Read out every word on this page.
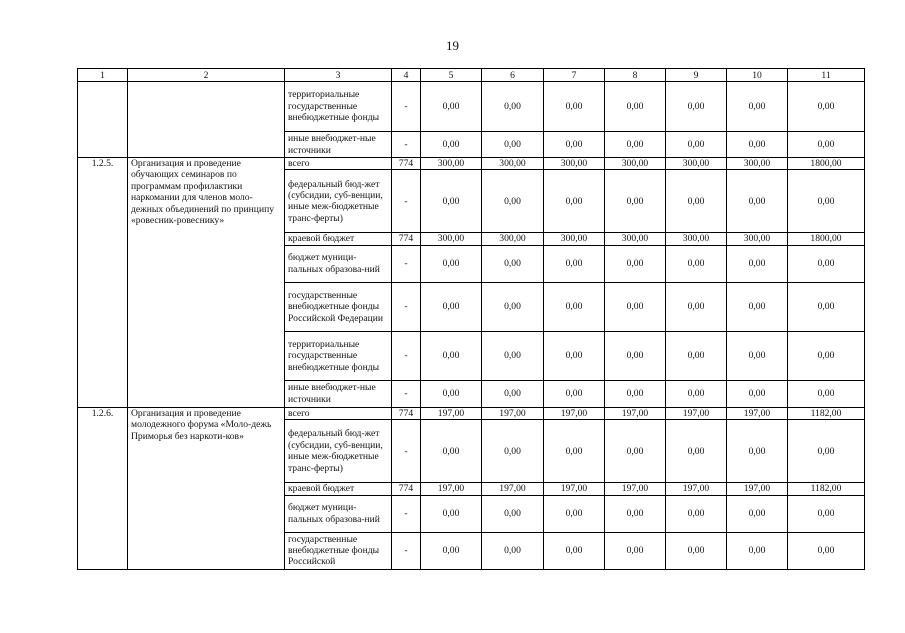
19
1	2	3	4	5	6	7	8	9	10	11
		территориальные государственные внебюджетные фонды	-	0,00	0,00	0,00	0,00	0,00	0,00	0,00
		иные внебюджет-ные источники	-	0,00	0,00	0,00	0,00	0,00	0,00	0,00
1.2.5.	Организация и проведение обучающих семинаров по программам профилактики наркомании для членов моло-дежных объединений по принципу «ровесник-ровеснику»	всего	774	300,00	300,00	300,00	300,00	300,00	300,00	1800,00
		федеральный бюд-жет (субсидии, суб-венции, иные меж-бюджетные транс-ферты)	-	0,00	0,00	0,00	0,00	0,00	0,00	0,00
		краевой бюджет	774	300,00	300,00	300,00	300,00	300,00	300,00	1800,00
		бюджет муници-пальных образова-ний	-	0,00	0,00	0,00	0,00	0,00	0,00	0,00
		государственные внебюджетные фонды Российской Федерации	-	0,00	0,00	0,00	0,00	0,00	0,00	0,00
		территориальные государственные внебюджетные фонды	-	0,00	0,00	0,00	0,00	0,00	0,00	0,00
		иные внебюджет-ные источники	-	0,00	0,00	0,00	0,00	0,00	0,00	0,00
1.2.6.	Организация и проведение молодежного форума «Моло-дежь Приморья без наркоти-ков»	всего	774	197,00	197,00	197,00	197,00	197,00	197,00	1182,00
		федеральный бюд-жет (субсидии, суб-венции, иные меж-бюджетные транс-ферты)	-	0,00	0,00	0,00	0,00	0,00	0,00	0,00
		краевой бюджет	774	197,00	197,00	197,00	197,00	197,00	197,00	1182,00
		бюджет муници-пальных образова-ний	-	0,00	0,00	0,00	0,00	0,00	0,00	0,00
		государственные внебюджетные фонды Российской	-	0,00	0,00	0,00	0,00	0,00	0,00	0,00
